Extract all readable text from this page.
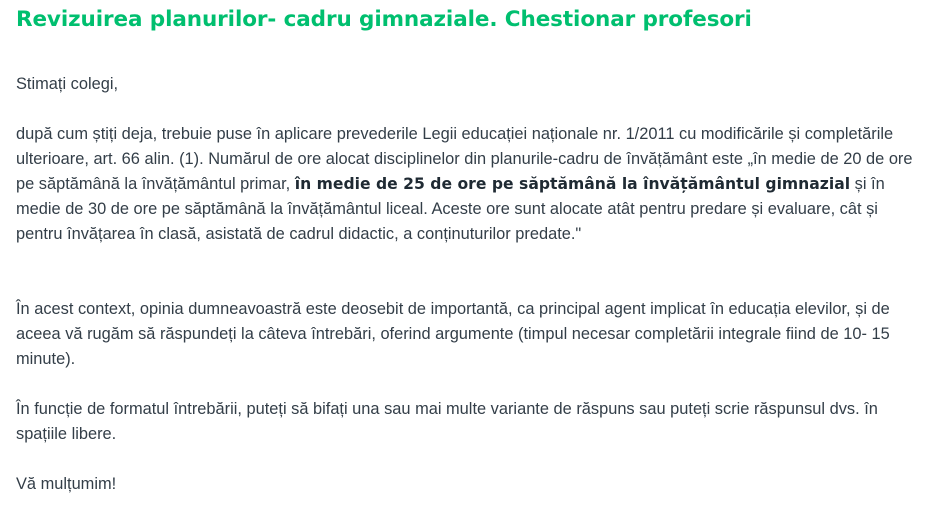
Revizuirea planurilor- cadru gimnaziale. Chestionar profesori

Stimați colegi,

după cum știți deja, trebuie puse în aplicare prevederile Legii educației naționale nr. 1/2011 cu modificările și completările ulterioare, art. 66 alin. (1). Numărul de ore alocat disciplinelor din planurile-cadru de învățământ este „în medie de 20 de ore pe săptămână la învățământul primar, în medie de 25 de ore pe săptămână la învățământul gimnazial și în medie de 30 de ore pe săptămână la învățământul liceal. Aceste ore sunt alocate atât pentru predare și evaluare, cât și pentru învățarea în clasă, asistată de cadrul didactic, a conținuturilor predate."

În acest context, opinia dumneavoastră este deosebit de importantă, ca principal agent implicat în educația elevilor, și de aceea vă rugăm să răspundeți la câteva întrebări, oferind argumente (timpul necesar completării integrale fiind de 10- 15 minute).

În funcție de formatul întrebării, puteți să bifați una sau mai multe variante de răspuns sau puteți scrie răspunsul dvs. în spațiile libere.

Vă mulțumim!
